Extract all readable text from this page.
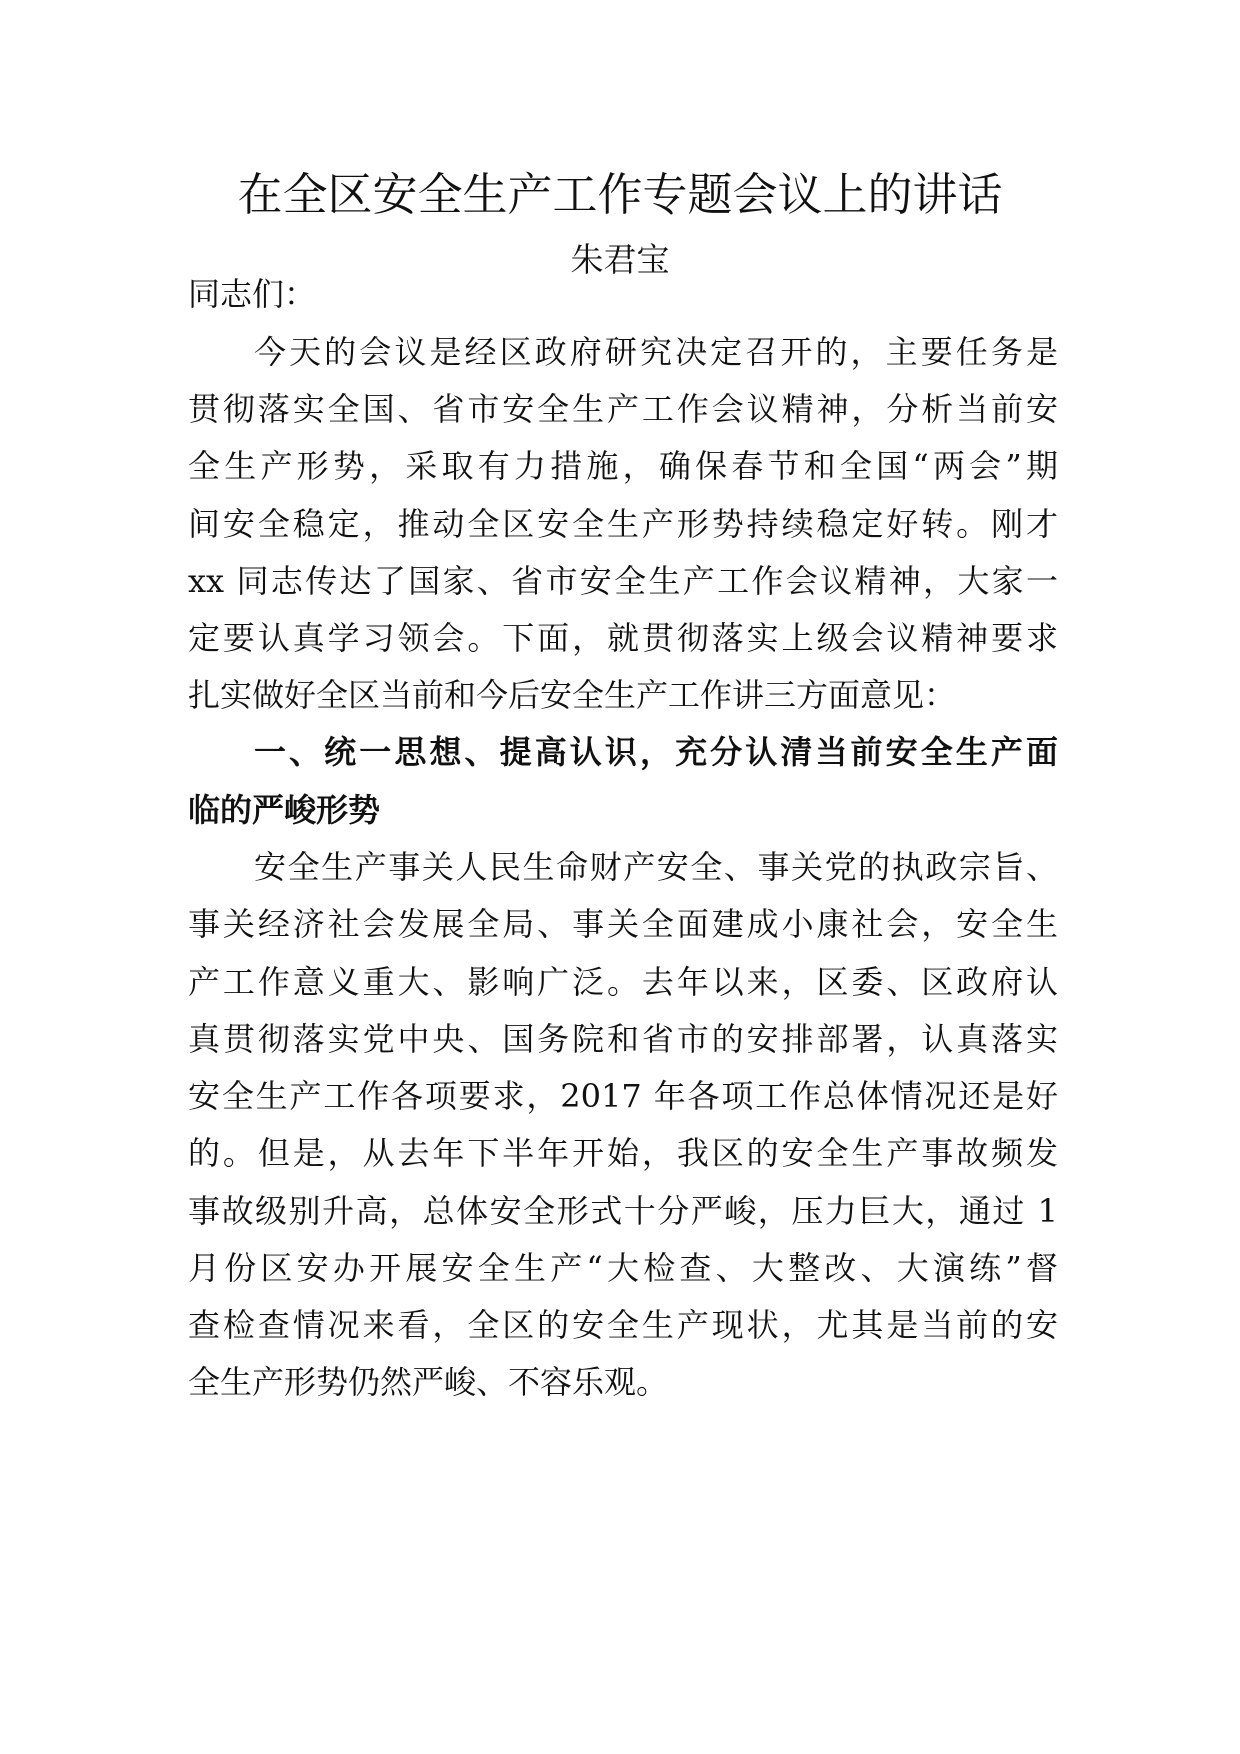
在全区安全生产工作专题会议上的讲话

朱君宝

同志们：

今天的会议是经区政府研究决定召开的，主要任务是

贯彻落实全国、省市安全生产工作会议精神，分析当前安

全生产形势，采取有力措施，确保春节和全国“两会”期

间安全稳定，推动全区安全生产形势持续稳定好转。刚才

xx 同志传达了国家、省市安全生产工作会议精神，大家一

定要认真学习领会。下面，就贯彻落实上级会议精神要求

扎实做好全区当前和今后安全生产工作讲三方面意见：

一、统一思想、提高认识，充分认清当前安全生产面

临的严峻形势

安全生产事关人民生命财产安全、事关党的执政宗旨、

事关经济社会发展全局、事关全面建成小康社会，安全生

产工作意义重大、影响广泛。去年以来，区委、区政府认

真贯彻落实党中央、国务院和省市的安排部署，认真落实

安全生产工作各项要求，2017 年各项工作总体情况还是好

的。但是，从去年下半年开始，我区的安全生产事故频发

事故级别升高，总体安全形式十分严峻，压力巨大，通过 1

月份区安办开展安全生产“大检查、大整改、大演练”督

查检查情况来看，全区的安全生产现状，尤其是当前的安

全生产形势仍然严峻、不容乐观。
